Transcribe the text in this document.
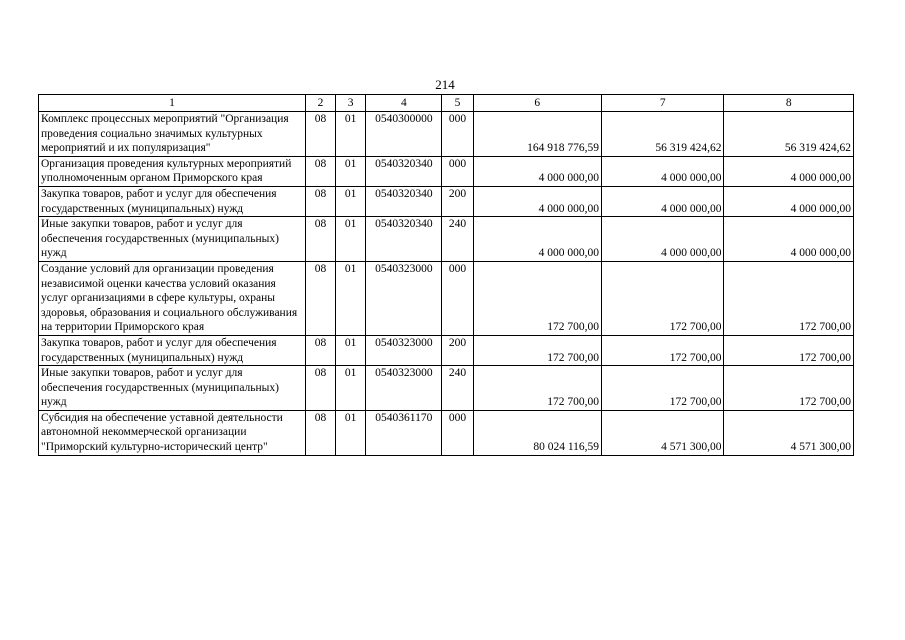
214
1	2	3	4	5	6	7	8
Комплекс процессных мероприятий "Организация проведения социально значимых культурных мероприятий и их популяризация"	08	01	0540300000	000	164 918 776,59	56 319 424,62	56 319 424,62
Организация проведения культурных мероприятий уполномоченным органом Приморского края	08	01	0540320340	000	4 000 000,00	4 000 000,00	4 000 000,00
Закупка товаров, работ и услуг для обеспечения государственных (муниципальных) нужд	08	01	0540320340	200	4 000 000,00	4 000 000,00	4 000 000,00
Иные закупки товаров, работ и услуг для обеспечения государственных (муниципальных) нужд	08	01	0540320340	240	4 000 000,00	4 000 000,00	4 000 000,00
Создание условий для организации проведения независимой оценки качества условий оказания услуг организациями в сфере культуры, охраны здоровья, образования и социального обслуживания на территории Приморского края	08	01	0540323000	000	172 700,00	172 700,00	172 700,00
Закупка товаров, работ и услуг для обеспечения государственных (муниципальных) нужд	08	01	0540323000	200	172 700,00	172 700,00	172 700,00
Иные закупки товаров, работ и услуг для обеспечения государственных (муниципальных) нужд	08	01	0540323000	240	172 700,00	172 700,00	172 700,00
Субсидия на обеспечение уставной деятельности автономной некоммерческой организации "Приморский культурно-исторический центр"	08	01	0540361170	000	80 024 116,59	4 571 300,00	4 571 300,00
